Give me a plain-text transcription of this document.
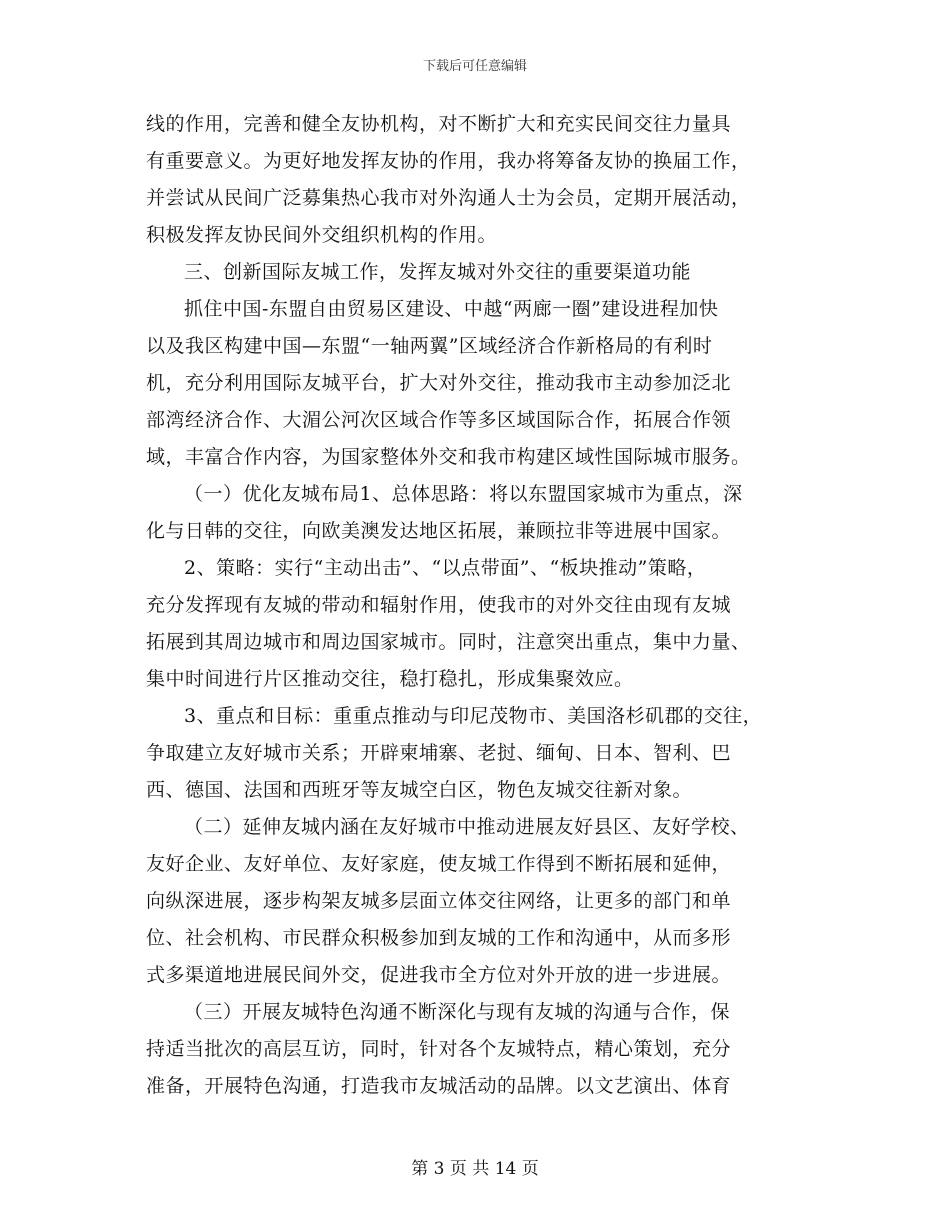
下载后可任意编辑
线的作用，完善和健全友协机构，对不断扩大和充实民间交往力量具
有重要意义。为更好地发挥友协的作用，我办将筹备友协的换届工作，
并尝试从民间广泛募集热心我市对外沟通人士为会员，定期开展活动，
积极发挥友协民间外交组织机构的作用。
三、创新国际友城工作，发挥友城对外交往的重要渠道功能
抓住中国-东盟自由贸易区建设、中越“两廊一圈”建设进程加快
以及我区构建中国—东盟“一轴两翼”区域经济合作新格局的有利时
机，充分利用国际友城平台，扩大对外交往，推动我市主动参加泛北
部湾经济合作、大湄公河次区域合作等多区域国际合作，拓展合作领
域，丰富合作内容，为国家整体外交和我市构建区域性国际城市服务。
（一）优化友城布局1、总体思路：将以东盟国家城市为重点，深
化与日韩的交往，向欧美澳发达地区拓展，兼顾拉非等进展中国家。
2、策略：实行“主动出击”、“以点带面”、“板块推动”策略，
充分发挥现有友城的带动和辐射作用，使我市的对外交往由现有友城
拓展到其周边城市和周边国家城市。同时，注意突出重点，集中力量、
集中时间进行片区推动交往，稳打稳扎，形成集聚效应。
3、重点和目标：重重点推动与印尼茂物市、美国洛杉矶郡的交往，
争取建立友好城市关系；开辟柬埔寨、老挝、缅甸、日本、智利、巴
西、德国、法国和西班牙等友城空白区，物色友城交往新对象。
（二）延伸友城内涵在友好城市中推动进展友好县区、友好学校、
友好企业、友好单位、友好家庭，使友城工作得到不断拓展和延伸，
向纵深进展，逐步构架友城多层面立体交往网络，让更多的部门和单
位、社会机构、市民群众积极参加到友城的工作和沟通中，从而多形
式多渠道地进展民间外交，促进我市全方位对外开放的进一步进展。
（三）开展友城特色沟通不断深化与现有友城的沟通与合作，保
持适当批次的高层互访，同时，针对各个友城特点，精心策划，充分
准备，开展特色沟通，打造我市友城活动的品牌。以文艺演出、体育
第 3 页 共 14 页
